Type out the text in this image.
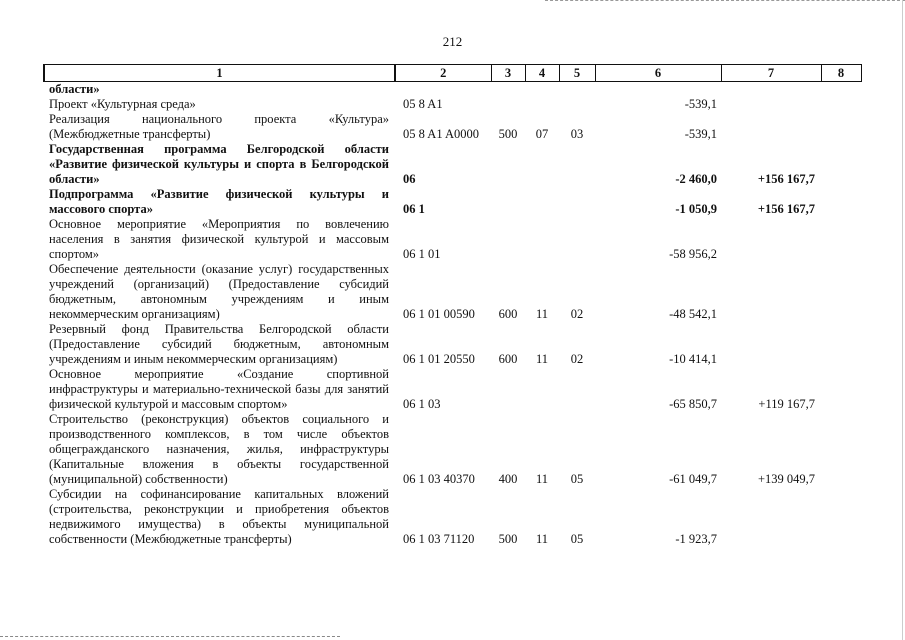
212
1	2	3	4	5	6	7	8
области»							
Проект «Культурная среда»	05 8 A1				-539,1		
Реализация национального проекта «Культура» (Межбюджетные трансферты)	05 8 A1 A0000	500	07	03	-539,1		
Государственная программа Белгородской области «Развитие физической культуры и спорта в Белгородской области»	06				-2 460,0	+156 167,7	
Подпрограмма «Развитие физической культуры и массового спорта»	06 1				-1 050,9	+156 167,7	
Основное мероприятие «Мероприятия по вовлечению населения в занятия физической культурой и массовым спортом»	06 1 01				-58 956,2		
Обеспечение деятельности (оказание услуг) государственных учреждений (организаций) (Предоставление субсидий бюджетным, автономным учреждениям и иным некоммерческим организациям)	06 1 01 00590	600	11	02	-48 542,1		
Резервный фонд Правительства Белгородской области (Предоставление субсидий бюджетным, автономным учреждениям и иным некоммерческим организациям)	06 1 01 20550	600	11	02	-10 414,1		
Основное мероприятие «Создание спортивной инфраструктуры и материально-технической базы для занятий физической культурой и массовым спортом»	06 1 03				-65 850,7	+119 167,7	
Строительство (реконструкция) объектов социального и производственного комплексов, в том числе объектов общегражданского назначения, жилья, инфраструктуры (Капитальные вложения в объекты государственной (муниципальной) собственности)	06 1 03 40370	400	11	05	-61 049,7	+139 049,7	
Субсидии на софинансирование капитальных вложений (строительства, реконструкции и приобретения объектов недвижимого имущества) в объекты муниципальной собственности (Межбюджетные трансферты)	06 1 03 71120	500	11	05	-1 923,7		
